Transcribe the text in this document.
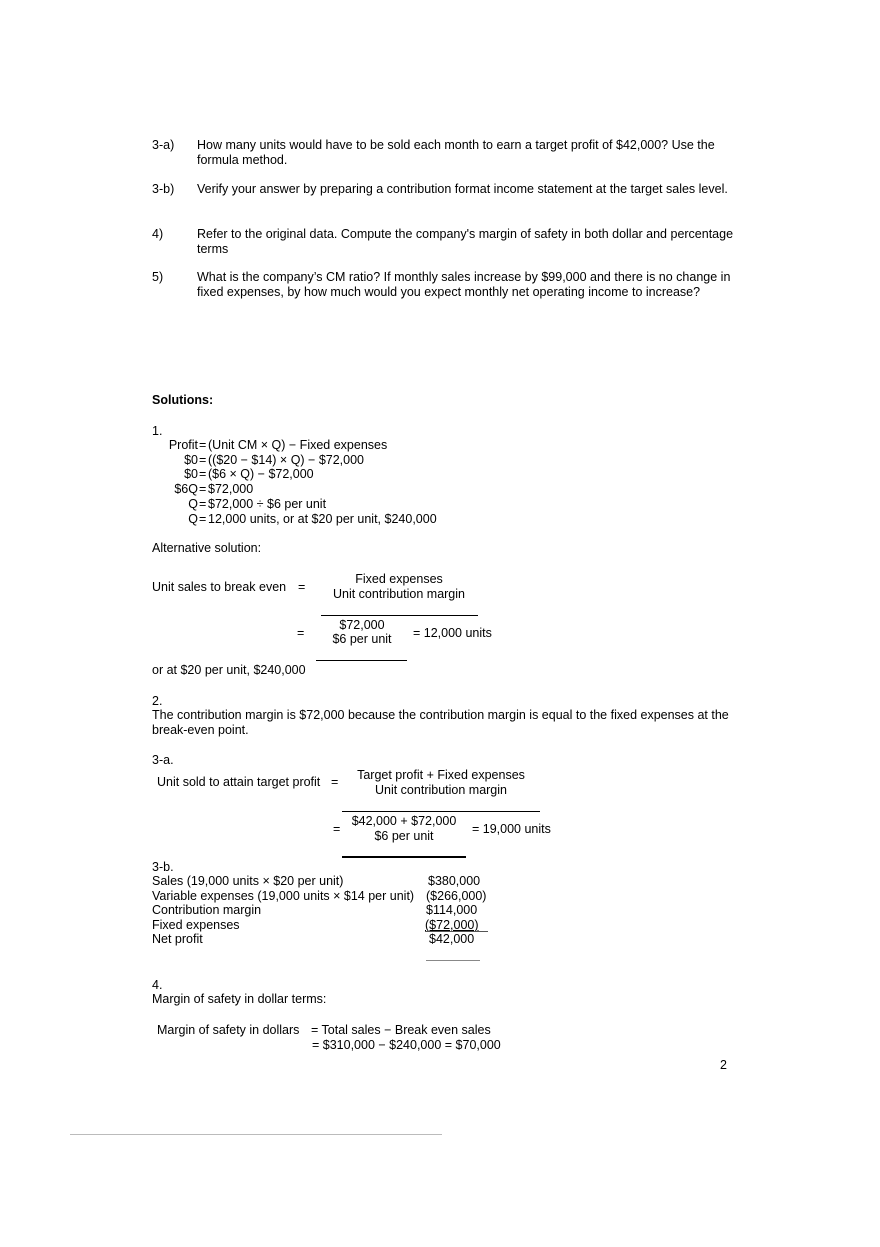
3-a) How many units would have to be sold each month to earn a target profit of $42,000? Use the formula method.
3-b) Verify your answer by preparing a contribution format income statement at the target sales level.
4)	Refer to the original data. Compute the company's margin of safety in both dollar and percentage terms
5)	What is the company’s CM ratio? If monthly sales increase by $99,000 and there is no change in fixed expenses, by how much would you expect monthly net operating income to increase?
Solutions:
1.
Profit = (Unit CM × Q) − Fixed expenses
$0 = (($20 − $14) × Q) − $72,000
$0 = ($6 × Q) − $72,000
$6Q = $72,000
Q = $72,000 ÷ $6 per unit
Q = 12,000 units, or at $20 per unit, $240,000
Alternative solution:
Unit sales to break even =
Fixed expenses
Unit contribution margin
=
$72,000
$6 per unit	= 12,000 units
or at $20 per unit, $240,000
2.
The contribution margin is $72,000 because the contribution margin is equal to the fixed expenses at the break-even point.
3-a.
Unit sold to attain target profit =	Target profit + Fixed expenses
Unit contribution margin
=
$42,000 + $72,000
$6 per unit	= 19,000 units
3-b.
Sales (19,000 units × $20 per unit)	$380,000
Variable expenses (19,000 units × $14 per unit) ($266,000)
Contribution margin	$114,000
Fixed expenses	($72,000)
Net profit	$42,000
4.
Margin of safety in dollar terms:
Margin of safety in dollars = Total sales − Break even sales
= $310,000 − $240,000 = $70,000
2
